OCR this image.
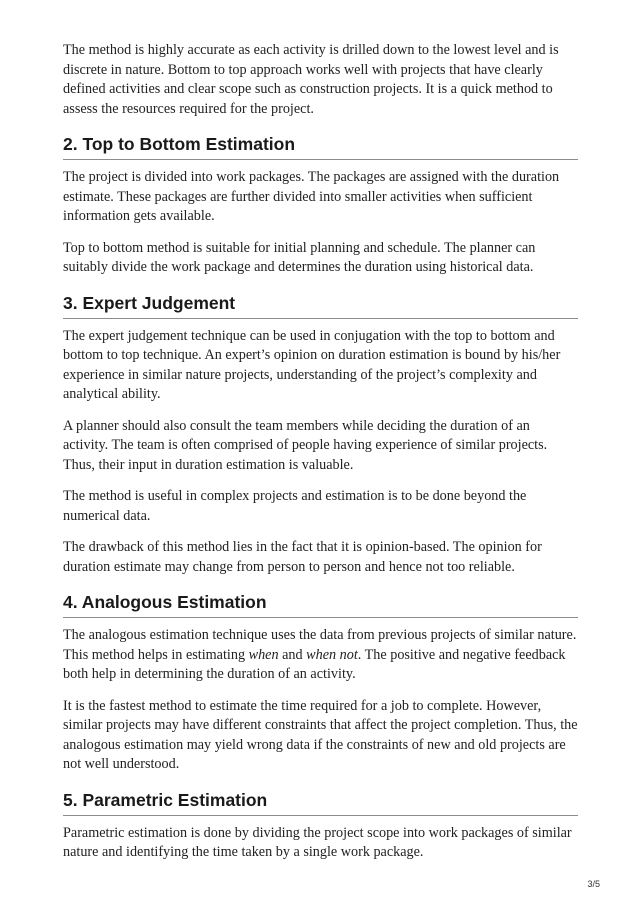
The method is highly accurate as each activity is drilled down to the lowest level and is discrete in nature. Bottom to top approach works well with projects that have clearly defined activities and clear scope such as construction projects. It is a quick method to assess the resources required for the project.

2. Top to Bottom Estimation

The project is divided into work packages. The packages are assigned with the duration estimate. These packages are further divided into smaller activities when sufficient information gets available.

Top to bottom method is suitable for initial planning and schedule. The planner can suitably divide the work package and determines the duration using historical data.

3. Expert Judgement

The expert judgement technique can be used in conjugation with the top to bottom and bottom to top technique. An expert’s opinion on duration estimation is bound by his/her experience in similar nature projects, understanding of the project’s complexity and analytical ability.

A planner should also consult the team members while deciding the duration of an activity. The team is often comprised of people having experience of similar projects. Thus, their input in duration estimation is valuable.

The method is useful in complex projects and estimation is to be done beyond the numerical data.

The drawback of this method lies in the fact that it is opinion-based. The opinion for duration estimate may change from person to person and hence not too reliable.

4. Analogous Estimation

The analogous estimation technique uses the data from previous projects of similar nature. This method helps in estimating when and when not. The positive and negative feedback both help in determining the duration of an activity.

It is the fastest method to estimate the time required for a job to complete. However, similar projects may have different constraints that affect the project completion. Thus, the analogous estimation may yield wrong data if the constraints of new and old projects are not well understood.

5. Parametric Estimation

Parametric estimation is done by dividing the project scope into work packages of similar nature and identifying the time taken by a single work package.

3/5
